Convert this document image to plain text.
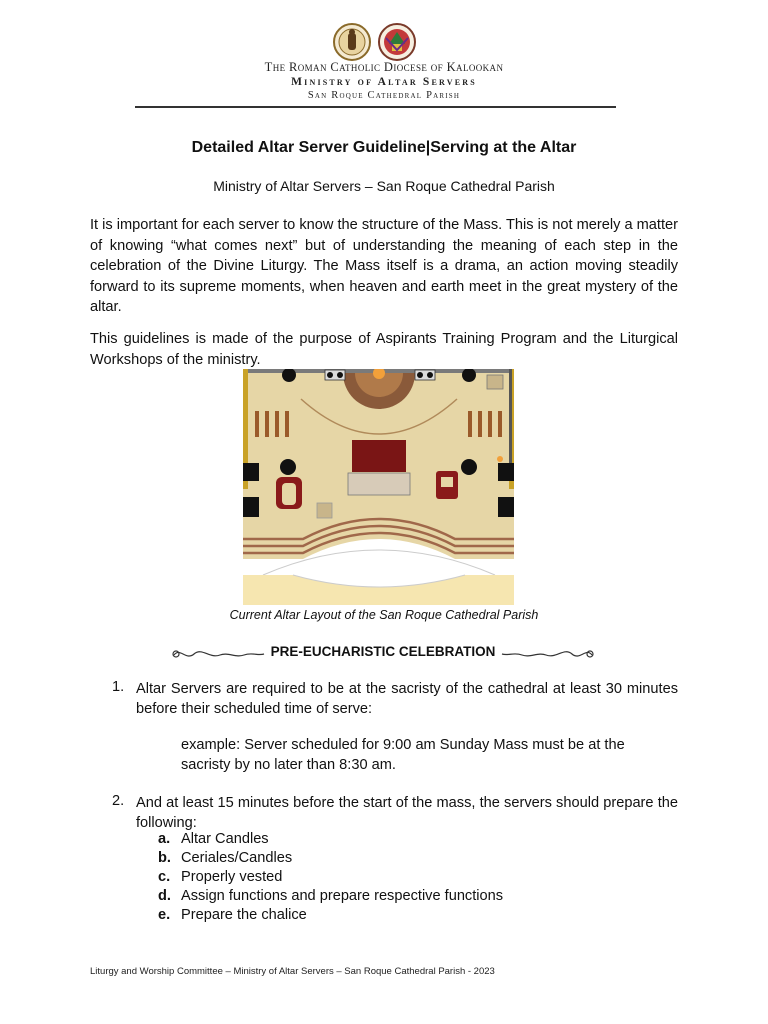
The Roman Catholic Diocese of Kalookan
Ministry of Altar Servers
San Roque Cathedral Parish
Detailed Altar Server Guideline|Serving at the Altar
Ministry of Altar Servers – San Roque Cathedral Parish
It is important for each server to know the structure of the Mass. This is not merely a matter of knowing “what comes next” but of understanding the meaning of each step in the celebration of the Divine Liturgy. The Mass itself is a drama, an action moving steadily forward to its supreme moments, when heaven and earth meet in the great mystery of the altar.
This guidelines is made of the purpose of Aspirants Training Program and the Liturgical Workshops of the ministry.
Current Altar Layout of the San Roque Cathedral Parish
PRE-EUCHARISTIC CELEBRATION
1. Altar Servers are required to be at the sacristy of the cathedral at least 30 minutes before their scheduled time of serve:
example: Server scheduled for 9:00 am Sunday Mass must be at the sacristy by no later than 8:30 am.
2. And at least 15 minutes before the start of the mass, the servers should prepare the following:
a. Altar Candles
b. Ceriales/Candles
c. Properly vested
d. Assign functions and prepare respective functions
e. Prepare the chalice
Liturgy and Worship Committee – Ministry of Altar Servers – San Roque Cathedral Parish - 2023
